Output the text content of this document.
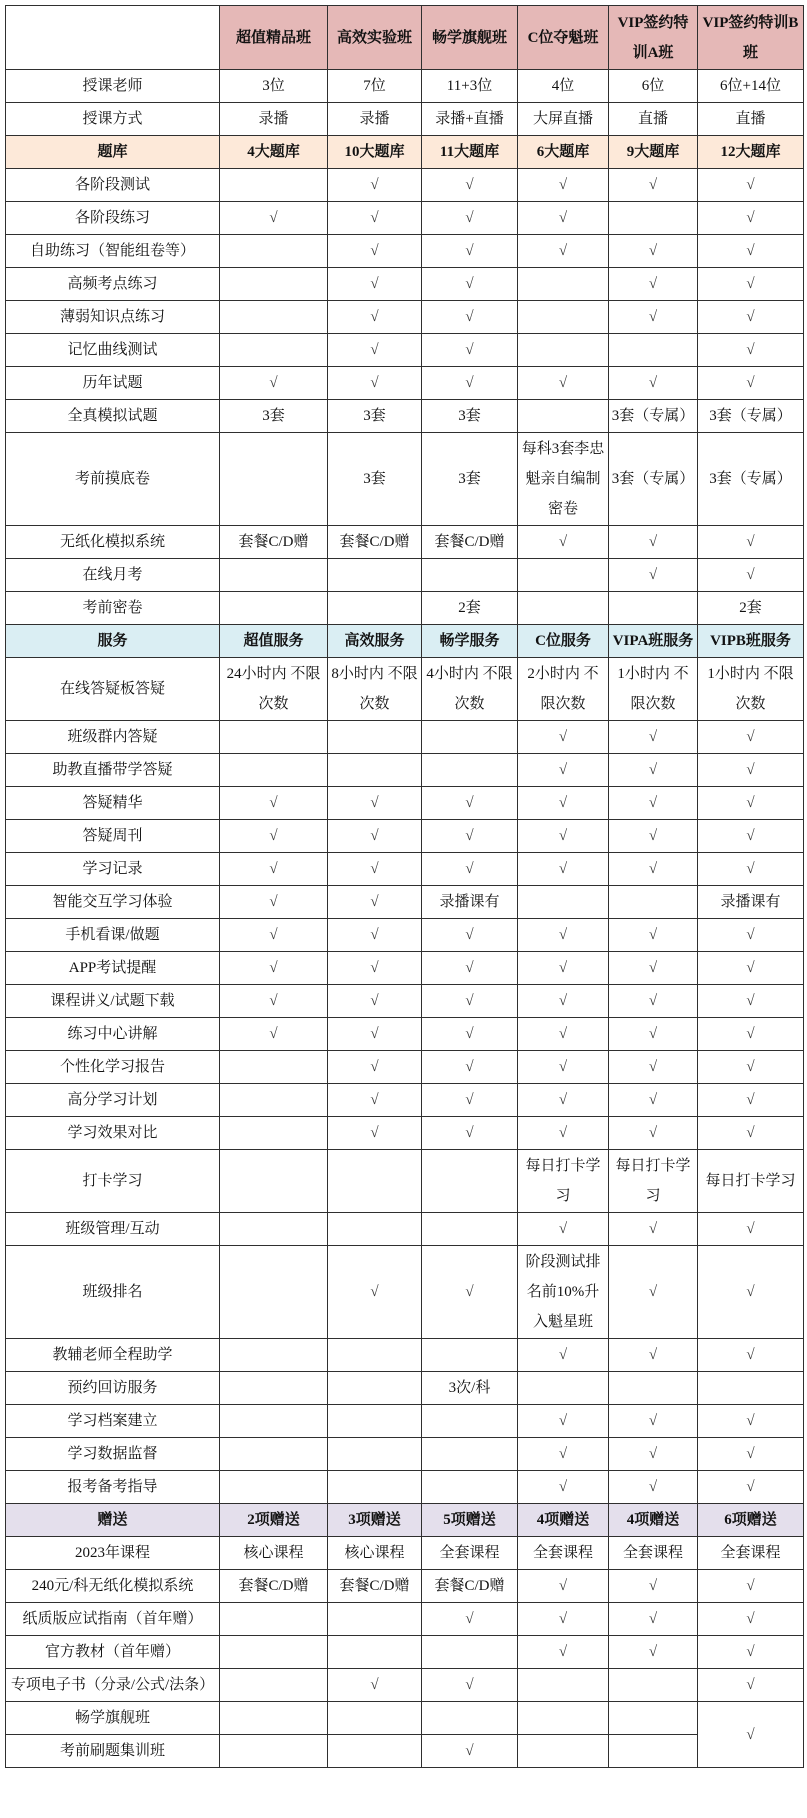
	超值精品班	高效实验班	畅学旗舰班	C位夺魁班	VIP签约特训A班	VIP签约特训B班
授课老师	3位	7位	11+3位	4位	6位	6位+14位
授课方式	录播	录播	录播+直播	大屏直播	直播	直播
题库	4大题库	10大题库	11大题库	6大题库	9大题库	12大题库
各阶段测试		√	√	√	√	√
各阶段练习	√	√	√	√		√
自助练习（智能组卷等）		√	√	√	√	√
高频考点练习		√	√		√	√
薄弱知识点练习		√	√		√	√
记忆曲线测试		√	√			√
历年试题	√	√	√	√	√	√
全真模拟试题	3套	3套	3套		3套（专属）	3套（专属）
考前摸底卷		3套	3套	每科3套李忠魁亲自编制密卷	3套（专属）	3套（专属）
无纸化模拟系统	套餐C/D赠	套餐C/D赠	套餐C/D赠	√	√	√
在线月考					√	√
考前密卷			2套			2套
服务	超值服务	高效服务	畅学服务	C位服务	VIPA班服务	VIPB班服务
在线答疑板答疑	24小时内 不限次数	8小时内 不限次数	4小时内 不限次数	2小时内 不限次数	1小时内 不限次数	1小时内 不限次数
班级群内答疑				√	√	√
助教直播带学答疑				√	√	√
答疑精华	√	√	√	√	√	√
答疑周刊	√	√	√	√	√	√
学习记录	√	√	√	√	√	√
智能交互学习体验	√	√	录播课有			录播课有
手机看课/做题	√	√	√	√	√	√
APP考试提醒	√	√	√	√	√	√
课程讲义/试题下载	√	√	√	√	√	√
练习中心讲解	√	√	√	√	√	√
个性化学习报告		√	√	√	√	√
高分学习计划		√	√	√	√	√
学习效果对比		√	√	√	√	√
打卡学习				每日打卡学习	每日打卡学习	每日打卡学习
班级管理/互动				√	√	√
班级排名		√	√	阶段测试排名前10%升入魁星班	√	√
教辅老师全程助学				√	√	√
预约回访服务			3次/科			
学习档案建立				√	√	√
学习数据监督				√	√	√
报考备考指导				√	√	√
赠送	2项赠送	3项赠送	5项赠送	4项赠送	4项赠送	6项赠送
2023年课程	核心课程	核心课程	全套课程	全套课程	全套课程	全套课程
240元/科无纸化模拟系统	套餐C/D赠	套餐C/D赠	套餐C/D赠	√	√	√
纸质版应试指南（首年赠）			√	√	√	√
官方教材（首年赠）				√	√	√
专项电子书（分录/公式/法条）		√	√			√
畅学旗舰班						√
考前刷题集训班			√			
